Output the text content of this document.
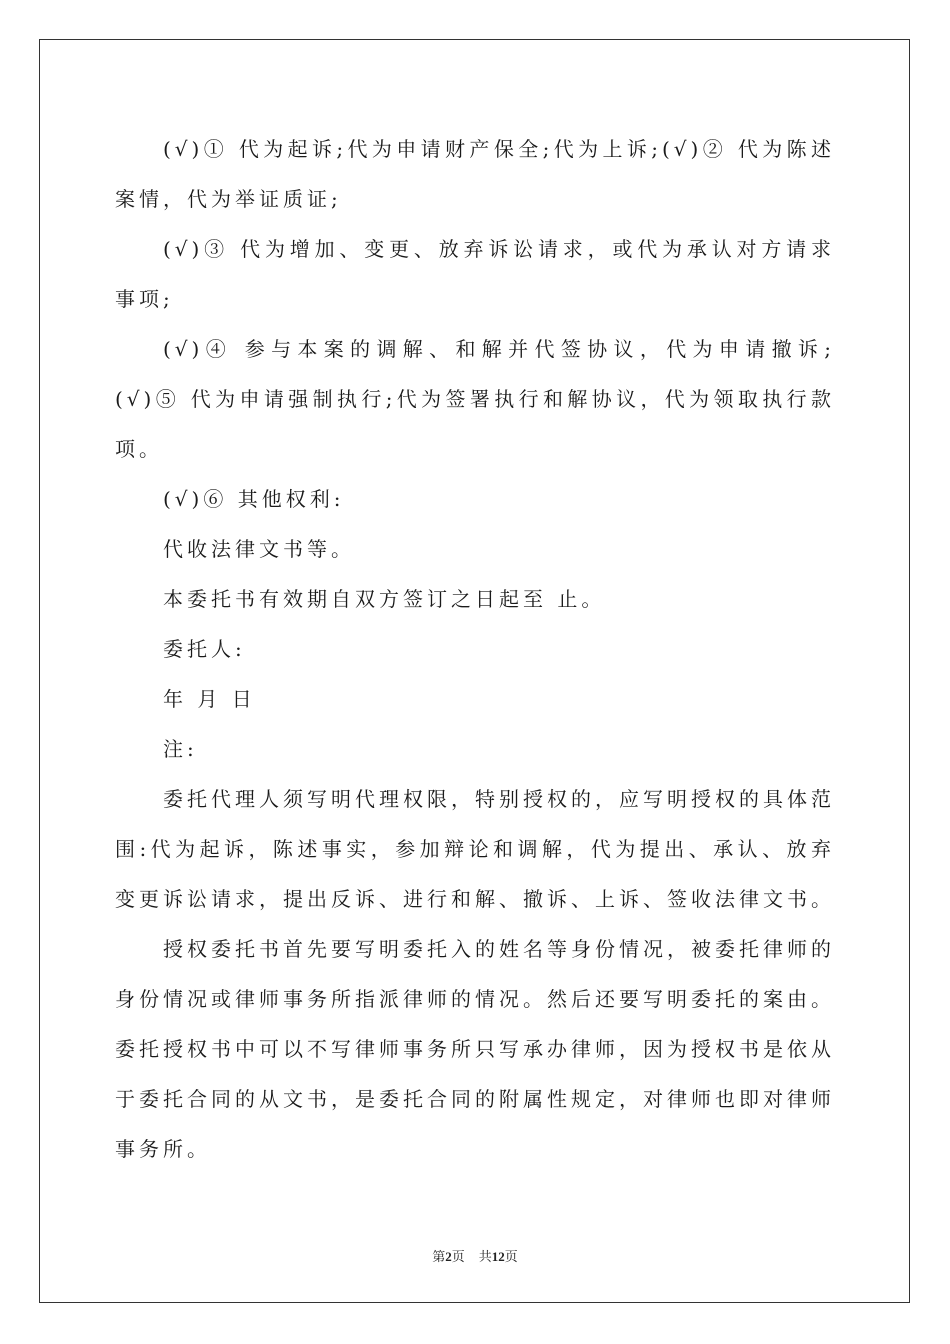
(√)① 代为起诉;代为申请财产保全;代为上诉;(√)② 代为陈述案情，代为举证质证;

(√)③ 代为增加、变更、放弃诉讼请求，或代为承认对方请求事项;

(√)④ 参与本案的调解、和解并代签协议，代为申请撤诉;(√)⑤ 代为申请强制执行;代为签署执行和解协议，代为领取执行款项。

(√)⑥ 其他权利:

代收法律文书等。

本委托书有效期自双方签订之日起至 止。

委托人:

年 月 日

注:

委托代理人须写明代理权限，特别授权的，应写明授权的具体范围:代为起诉，陈述事实，参加辩论和调解，代为提出、承认、放弃变更诉讼请求，提出反诉、进行和解、撤诉、上诉、签收法律文书。

授权委托书首先要写明委托入的姓名等身份情况，被委托律师的身份情况或律师事务所指派律师的情况。然后还要写明委托的案由。委托授权书中可以不写律师事务所只写承办律师，因为授权书是依从于委托合同的从文书，是委托合同的附属性规定，对律师也即对律师事务所。

第2页 共12页
